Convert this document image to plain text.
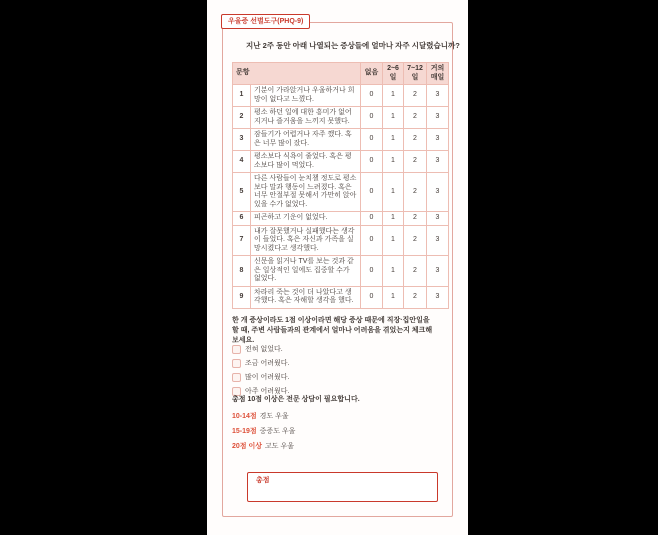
우울증 선별도구(PHQ-9)
지난 2주 동안 아래 나열되는 증상들에 얼마나 자주 시달렸습니까?
문항		없음	2~6일	7~12일	거의 매일
1	기분이 가라앉거나 우울하거나 희망이 없다고 느꼈다.	0	1	2	3
2	평소 하던 일에 대한 흥미가 없어지거나 즐거움을 느끼지 못했다.	0	1	2	3
3	잠들기가 어렵거나 자주 깼다. 혹은 너무 많이 잤다.	0	1	2	3
4	평소보다 식욕이 줄었다. 혹은 평소보다 많이 먹었다.	0	1	2	3
5	다른 사람들이 눈치챌 정도로 평소보다 말과 행동이 느려졌다. 혹은 너무 안절부절 못해서 가만히 앉아 있을 수가 없었다.	0	1	2	3
6	피곤하고 기운이 없었다.	0	1	2	3
7	내가 잘못했거나 실패했다는 생각이 들었다. 혹은 자신과 가족을 실망시켰다고 생각했다.	0	1	2	3
8	신문을 읽거나 TV를 보는 것과 같은 일상적인 일에도 집중할 수가 없었다.	0	1	2	3
9	차라리 죽는 것이 더 나았다고 생각했다. 혹은 자해할 생각을 했다.	0	1	2	3
한 개 증상이라도 1점 이상이라면 해당 증상 때문에 직장·집안일을 할 때, 주변 사람들과의 관계에서 얼마나 어려움을 겪었는지 체크해보세요.
전혀 없었다.
조금 어려웠다.
많이 어려웠다.
아주 어려웠다.
총점 10점 이상은 전문 상담이 필요합니다.
10-14점 경도 우울
15-19점 중증도 우울
20점 이상 고도 우울
총점
